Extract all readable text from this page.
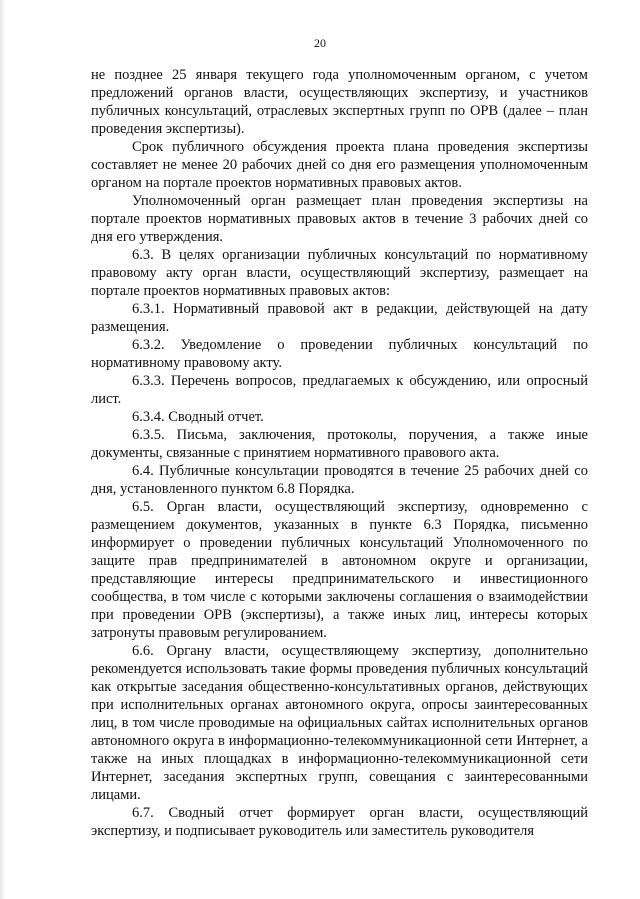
20

не позднее 25 января текущего года уполномоченным органом, с учетом предложений органов власти, осуществляющих экспертизу, и участников публичных консультаций, отраслевых экспертных групп по ОРВ (далее – план проведения экспертизы).

Срок публичного обсуждения проекта плана проведения экспертизы составляет не менее 20 рабочих дней со дня его размещения уполномоченным органом на портале проектов нормативных правовых актов.

Уполномоченный орган размещает план проведения экспертизы на портале проектов нормативных правовых актов в течение 3 рабочих дней со дня его утверждения.

6.3. В целях организации публичных консультаций по нормативному правовому акту орган власти, осуществляющий экспертизу, размещает на портале проектов нормативных правовых актов:

6.3.1. Нормативный правовой акт в редакции, действующей на дату размещения.

6.3.2. Уведомление о проведении публичных консультаций по нормативному правовому акту.

6.3.3. Перечень вопросов, предлагаемых к обсуждению, или опросный лист.

6.3.4. Сводный отчет.

6.3.5. Письма, заключения, протоколы, поручения, а также иные документы, связанные с принятием нормативного правового акта.

6.4. Публичные консультации проводятся в течение 25 рабочих дней со дня, установленного пунктом 6.8 Порядка.

6.5. Орган власти, осуществляющий экспертизу, одновременно с размещением документов, указанных в пункте 6.3 Порядка, письменно информирует о проведении публичных консультаций Уполномоченного по защите прав предпринимателей в автономном округе и организации, представляющие интересы предпринимательского и инвестиционного сообщества, в том числе с которыми заключены соглашения о взаимодействии при проведении ОРВ (экспертизы), а также иных лиц, интересы которых затронуты правовым регулированием.

6.6. Органу власти, осуществляющему экспертизу, дополнительно рекомендуется использовать такие формы проведения публичных консультаций как открытые заседания общественно-консультативных органов, действующих при исполнительных органах автономного округа, опросы заинтересованных лиц, в том числе проводимые на официальных сайтах исполнительных органов автономного округа в информационно-телекоммуникационной сети Интернет, а также на иных площадках в информационно-телекоммуникационной сети Интернет, заседания экспертных групп, совещания с заинтересованными лицами.

6.7. Сводный отчет формирует орган власти, осуществляющий экспертизу, и подписывает руководитель или заместитель руководителя
